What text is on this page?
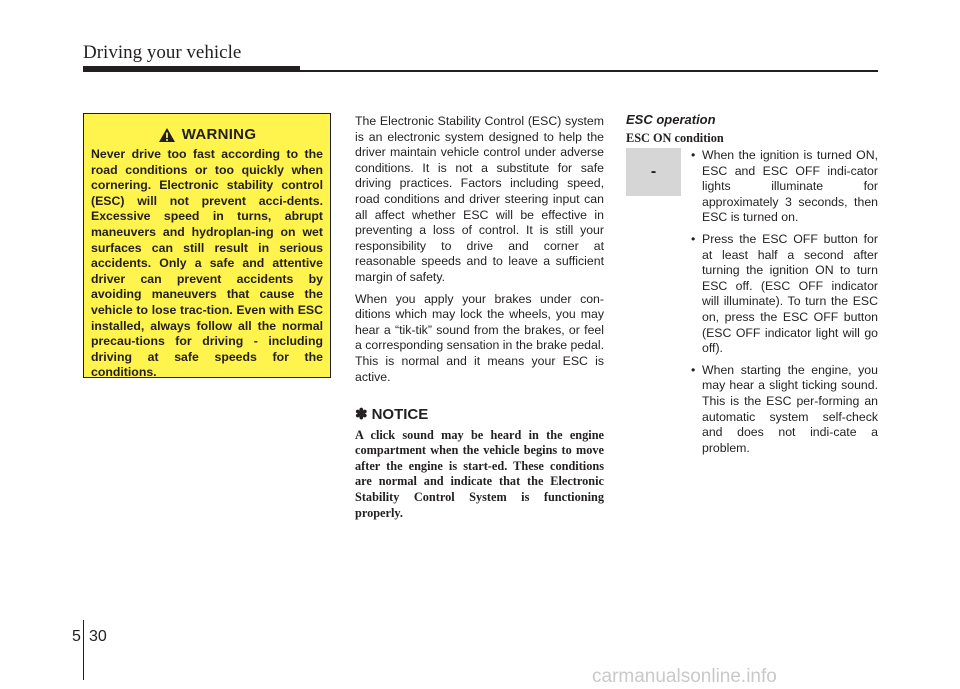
Driving your vehicle
WARNING
Never drive too fast according to the road conditions or too quickly when cornering. Electronic stability control (ESC) will not prevent acci-dents. Excessive speed in turns, abrupt maneuvers and hydroplan-ing on wet surfaces can still result in serious accidents. Only a safe and attentive driver can prevent accidents by avoiding maneuvers that cause the vehicle to lose trac-tion. Even with ESC installed, always follow all the normal precau-tions for driving - including driving at safe speeds for the conditions.

The Electronic Stability Control (ESC) system is an electronic system designed to help the driver maintain vehicle control under adverse conditions. It is not a substitute for safe driving practices. Factors including speed, road conditions and driver steering input can all affect whether ESC will be effective in preventing a loss of control. It is still your responsibility to drive and corner at reasonable speeds and to leave a sufficient margin of safety.

When you apply your brakes under con-ditions which may lock the wheels, you may hear a “tik-tik” sound from the brakes, or feel a corresponding sensation in the brake pedal. This is normal and it means your ESC is active.

✽ NOTICE
A click sound may be heard in the engine compartment when the vehicle begins to move after the engine is start-ed. These conditions are normal and indicate that the Electronic Stability Control System is functioning properly.
ESC operation
ESC ON condition
-
• When the ignition is turned ON, ESC and ESC OFF indi-cator lights illuminate for approximately 3 seconds, then ESC is turned on.
• Press the ESC OFF button for at least half a second after turning the ignition ON to turn ESC off. (ESC OFF indicator will illuminate). To turn the ESC on, press the ESC OFF button (ESC OFF indicator light will go off).
• When starting the engine, you may hear a slight ticking sound. This is the ESC per-forming an automatic system self-check and does not indi-cate a problem.
5 30
carmanualsonline.info
